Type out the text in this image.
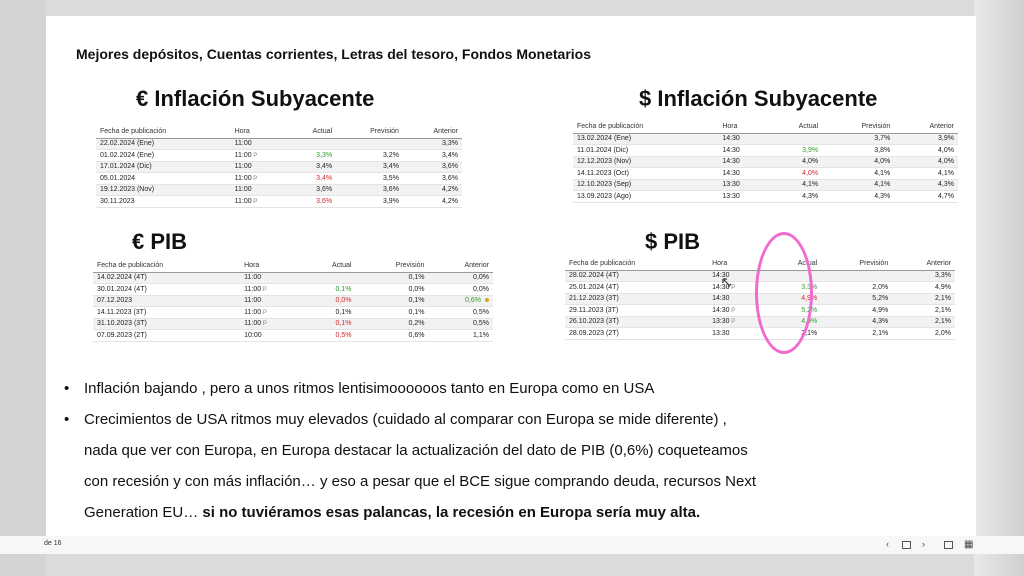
Mejores depósitos, Cuentas corrientes, Letras del tesoro, Fondos Monetarios
€ Inflación Subyacente	$ Inflación Subyacente
€ PIB	$ PIB
Fecha de publicación	Hora	Actual	Previsión	Anterior
22.02.2024 (Ene)	11:00			3,3%
01.02.2024 (Ene)	11:00 P	3,3%	3,2%	3,4%
17.01.2024 (Dic)	11:00	3,4%	3,4%	3,6%
05.01.2024	11:00 P	3,4%	3,5%	3,6%
19.12.2023 (Nov)	11:00	3,6%	3,6%	4,2%
30.11.2023	11:00 P	3,6%	3,9%	4,2%
Fecha de publicación	Hora	Actual	Previsión	Anterior
13.02.2024 (Ene)	14:30		3,7%	3,9%
11.01.2024 (Dic)	14:30	3,9%	3,8%	4,0%
12.12.2023 (Nov)	14:30	4,0%	4,0%	4,0%
14.11.2023 (Oct)	14:30	4,0%	4,1%	4,1%
12.10.2023 (Sep)	13:30	4,1%	4,1%	4,3%
13.09.2023 (Ago)	13:30	4,3%	4,3%	4,7%
Fecha de publicación	Hora	Actual	Previsión	Anterior
14.02.2024 (4T)	11:00		0,1%	0,0%
30.01.2024 (4T)	11:00 P	0,1%	0,0%	0,0%
07.12.2023	11:00	0,0%	0,1%	0,6%
14.11.2023 (3T)	11:00 P	0,1%	0,1%	0,5%
31.10.2023 (3T)	11:00 P	0,1%	0,2%	0,5%
07.09.2023 (2T)	10:00	0,5%	0,6%	1,1%
Fecha de publicación	Hora	Actual	Previsión	Anterior
28.02.2024 (4T)	14:30			3,3%
25.01.2024 (4T)	14:30 P	3,3%	2,0%	4,9%
21.12.2023 (3T)	14:30	4,9%	5,2%	2,1%
29.11.2023 (3T)	14:30 P	5,2%	4,9%	2,1%
26.10.2023 (3T)	13:30 P	4,9%	4,3%	2,1%
28.09.2023 (2T)	13:30	2,1%	2,1%	2,0%
• Inflación bajando , pero a unos ritmos lentisimoooooos tanto en Europa como en USA
• Crecimientos de USA ritmos muy elevados (cuidado al comparar con Europa se mide diferente) ,
nada que ver con Europa, en Europa destacar la actualización del dato de PIB (0,6%) coqueteamos
con recesión y con más inflación… y eso a pesar que el BCE sigue comprando deuda, recursos Next
Generation EU… si no tuviéramos esas palancas, la recesión en Europa sería muy alta.
de 16	‹	›	▦
